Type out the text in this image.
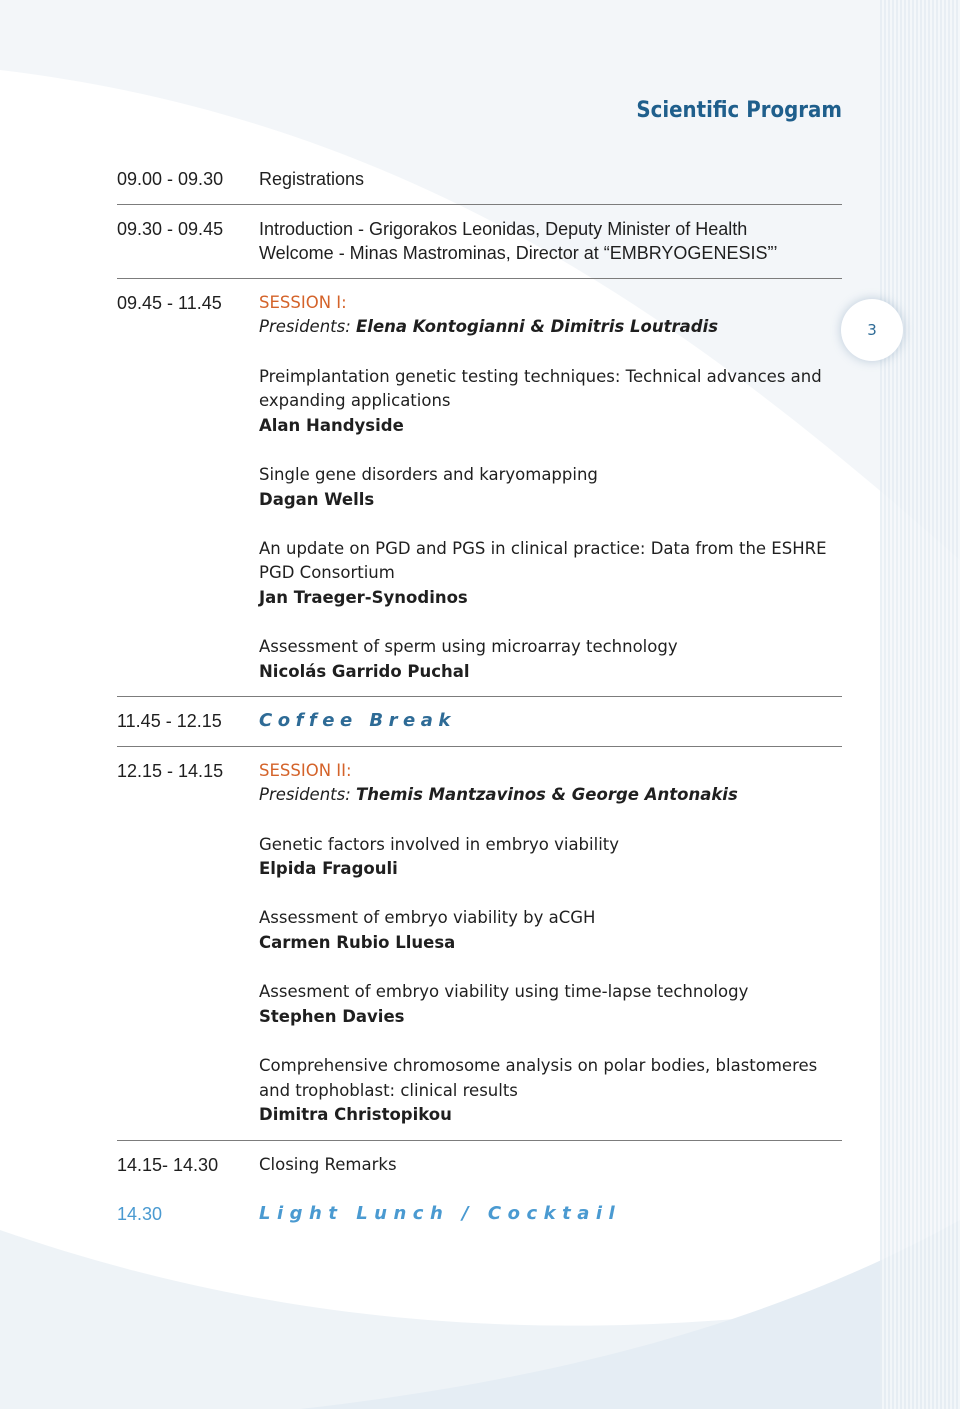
Scientific Program
09.00 - 09.30	Registrations
09.30 - 09.45	Introduction - Grigorakos Leonidas, Deputy Minister of Health
Welcome - Minas Mastrominas, Director at “EMBRYOGENESIS”’
09.45 - 11.45	SESSION I:
Presidents: Elena Kontogianni & Dimitris Loutradis
Preimplantation genetic testing techniques: Technical advances and
expanding applications
Alan Handyside
Single gene disorders and karyomapping
Dagan Wells
An update on PGD and PGS in clinical practice: Data from the ESHRE
PGD Consortium
Jan Traeger-Synodinos
Assessment of sperm using microarray technology
Nicolás Garrido Puchal
11.45 - 12.15	Coffee Break
12.15 - 14.15	SESSION II:
Presidents: Themis Mantzavinos & George Antonakis
Genetic factors involved in embryo viability
Elpida Fragouli
Assessment of embryo viability by aCGH
Carmen Rubio Lluesa
Assesment of embryo viability using time-lapse technology
Stephen Davies
Comprehensive chromosome analysis on polar bodies, blastomeres
and trophoblast: clinical results
Dimitra Christopikou
14.15- 14.30	Closing Remarks
14.30	Light Lunch / Cocktail
3
